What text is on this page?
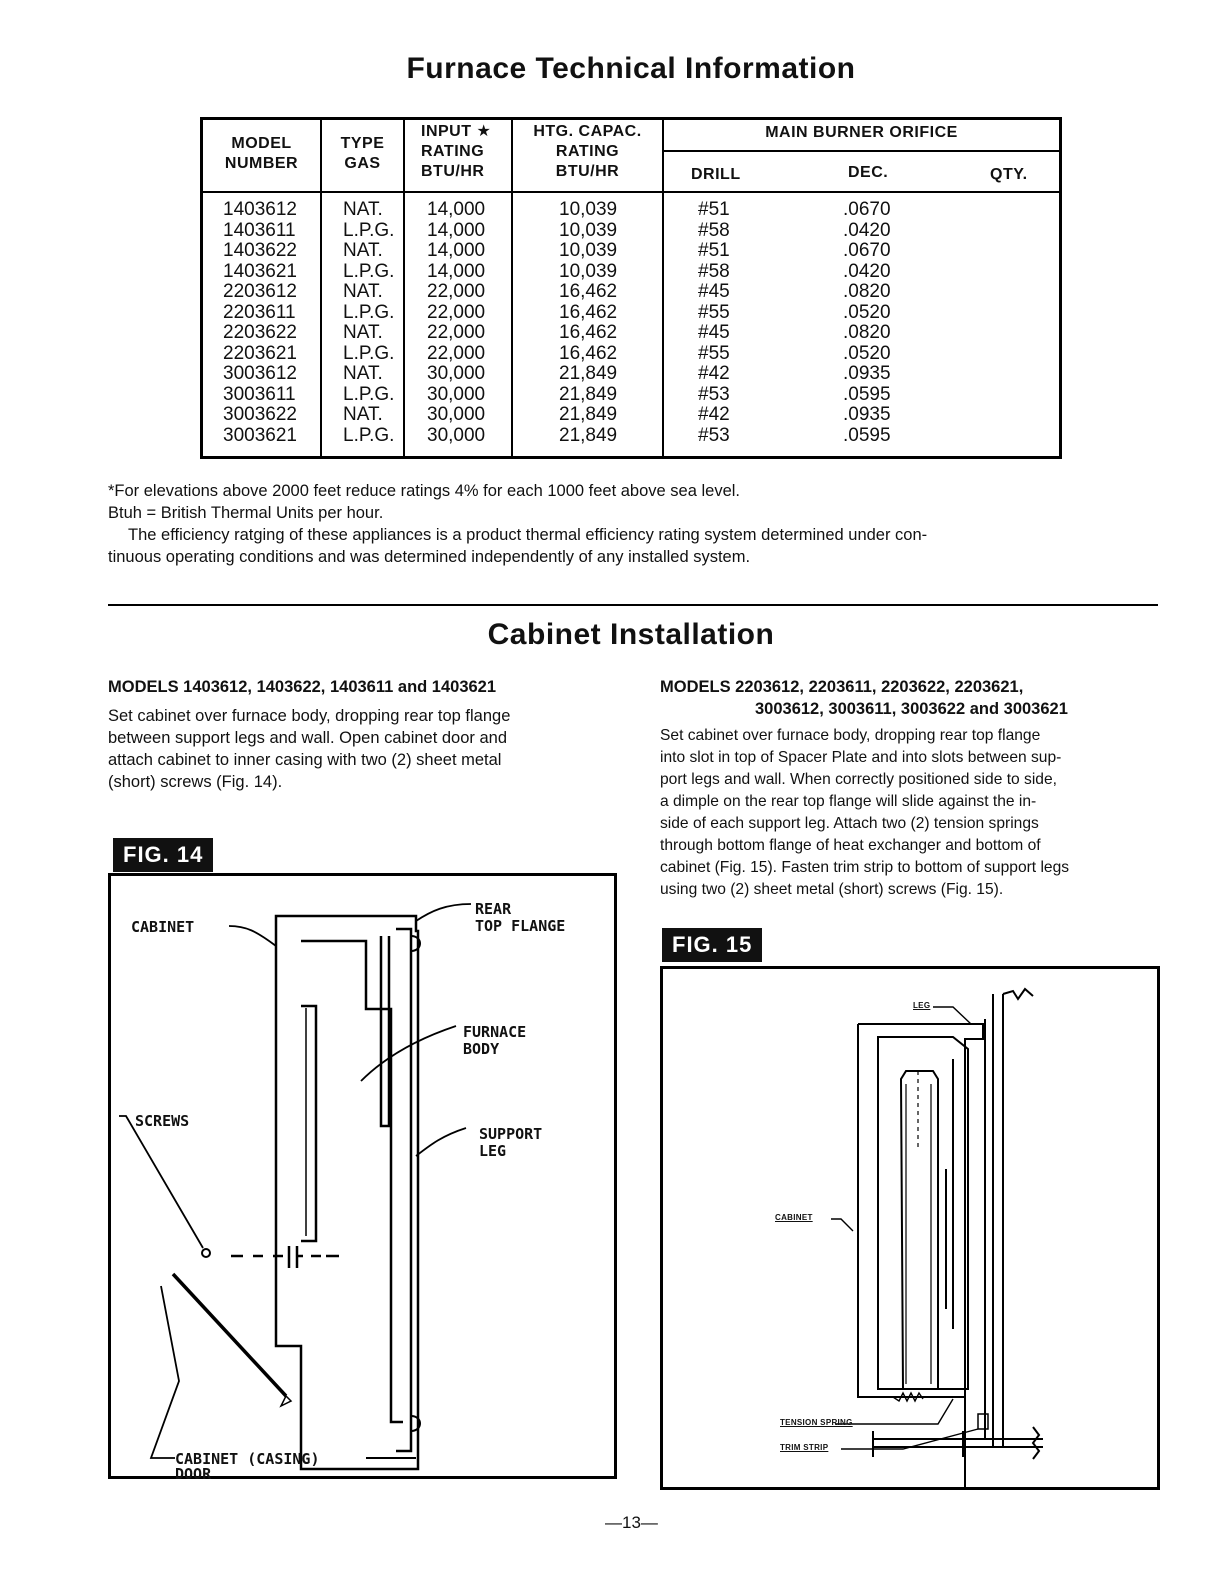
Furnace Technical Information
MODEL
NUMBER
TYPE
GAS
INPUT ★
RATING
BTU/HR
HTG. CAPAC.
RATING
BTU/HR
MAIN BURNER ORIFICE
DRILL	DEC.	QTY.
1403612 NAT. 14,000	10,039	#51	.0670
1403611 L.P.G. 14,000	10,039	#58	.0420
1403622 NAT. 14,000	10,039	#51	.0670
1403621 L.P.G. 14,000	10,039	#58	.0420
2203612 NAT. 22,000	16,462	#45	.0820
2203611 L.P.G. 22,000	16,462	#55	.0520
2203622 NAT. 22,000	16,462	#45	.0820
2203621 L.P.G. 22,000	16,462	#55	.0520
3003612 NAT. 30,000	21,849	#42	.0935
3003611 L.P.G. 30,000	21,849	#53	.0595
3003622 NAT. 30,000	21,849	#42	.0935
3003621 L.P.G. 30,000	21,849	#53	.0595
*For elevations above 2000 feet reduce ratings 4% for each 1000 feet above sea level.
Btuh = British Thermal Units per hour.
The efficiency ratging of these appliances is a product thermal efficiency rating system determined under con-
tinuous operating conditions and was determined independently of any installed system.
Cabinet Installation
MODELS 1403612, 1403622, 1403611 and 1403621
Set cabinet over furnace body, dropping rear top flange
between support legs and wall. Open cabinet door and
attach cabinet to inner casing with two (2) sheet metal
(short) screws (Fig. 14).
MODELS 2203612, 2203611, 2203622, 2203621,
3003612, 3003611, 3003622 and 3003621
Set cabinet over furnace body, dropping rear top flange
into slot in top of Spacer Plate and into slots between sup-
port legs and wall. When correctly positioned side to side,
a dimple on the rear top flange will slide against the in-
side of each support leg. Attach two (2) tension springs
through bottom flange of heat exchanger and bottom of
cabinet (Fig. 15). Fasten trim strip to bottom of support legs
using two (2) sheet metal (short) screws (Fig. 15).
FIG. 14
CABINET
REAR
TOP FLANGE
FURNACE
BODY
SCREWS
SUPPORT
LEG
CABINET (CASING)
DOOR
FIG. 15
LEG
CABINET
TENSION SPRING
TRIM STRIP
—13—
